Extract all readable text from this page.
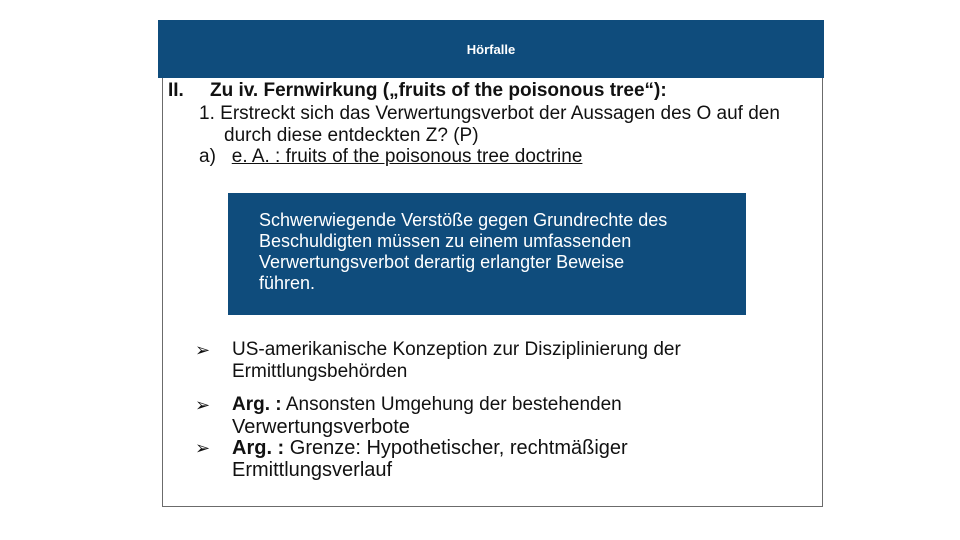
Hörfalle
II. Zu iv. Fernwirkung („fruits of the poisonous tree“):
1. Erstreckt sich das Verwertungsverbot der Aussagen des O auf den
durch diese entdeckten Z? (P)
a) e. A. : fruits of the poisonous tree doctrine
Schwerwiegende Verstöße gegen Grundrechte des
Beschuldigten müssen zu einem umfassenden
Verwertungsverbot derartig erlangter Beweise
führen.
➢ US-amerikanische Konzeption zur Disziplinierung der
Ermittlungsbehörden
➢ Arg. : Ansonsten Umgehung der bestehenden
Verwertungsverbote
➢ Arg. : Grenze: Hypothetischer, rechtmäßiger
Ermittlungsverlauf
